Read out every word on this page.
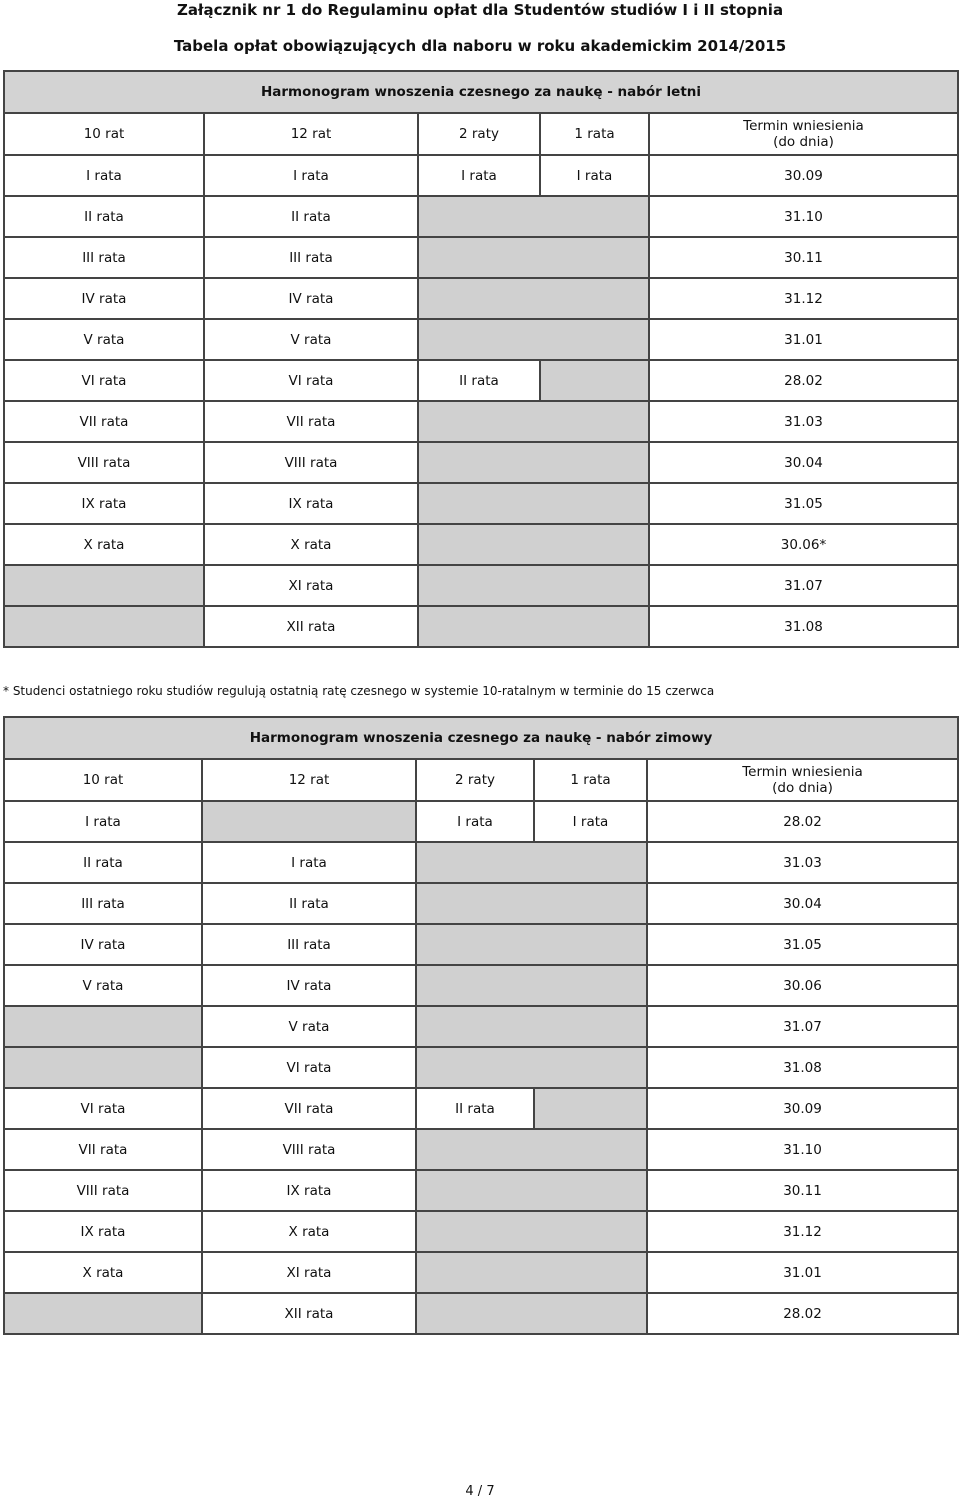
Załącznik nr 1 do Regulaminu opłat dla Studentów studiów I i II stopnia
Tabela opłat obowiązujących dla naboru w roku akademickim 2014/2015
Harmonogram wnoszenia czesnego za naukę - nabór letni				
10 rat	12 rat	2 raty	1 rata	Termin wniesienia
(do dnia)
I rata	I rata	I rata	I rata	30.09
II rata	II rata			31.10
III rata	III rata			30.11
IV rata	IV rata			31.12
V rata	V rata			31.01
VI rata	VI rata	II rata		28.02
VII rata	VII rata			31.03
VIII rata	VIII rata			30.04
IX rata	IX rata			31.05
X rata	X rata			30.06*
	XI rata			31.07
	XII rata			31.08
* Studenci ostatniego roku studiów regulują ostatnią ratę czesnego w systemie 10-ratalnym w terminie do 15 czerwca
Harmonogram wnoszenia czesnego za naukę - nabór zimowy				
10 rat	12 rat	2 raty	1 rata	Termin wniesienia
(do dnia)
I rata		I rata	I rata	28.02
II rata	I rata			31.03
III rata	II rata			30.04
IV rata	III rata			31.05
V rata	IV rata			30.06
	V rata			31.07
	VI rata			31.08
VI rata	VII rata	II rata		30.09
VII rata	VIII rata			31.10
VIII rata	IX rata			30.11
IX rata	X rata			31.12
X rata	XI rata			31.01
	XII rata			28.02
4 / 7
